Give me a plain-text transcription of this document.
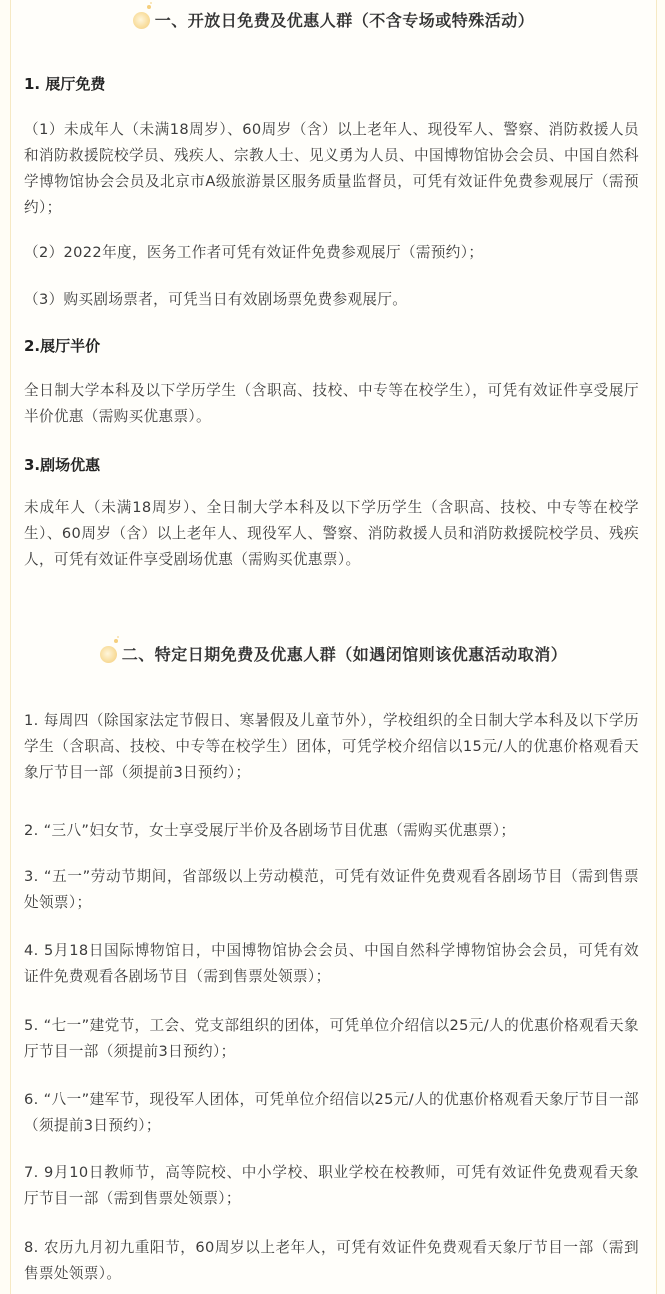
一、开放日免费及优惠人群（不含专场或特殊活动）
1. 展厅免费
（1）未成年人（未满18周岁）、60周岁（含）以上老年人、现役军人、警察、消防救援人员和消防救援院校学员、残疾人、宗教人士、见义勇为人员、中国博物馆协会会员、中国自然科学博物馆协会会员及北京市A级旅游景区服务质量监督员，可凭有效证件免费参观展厅（需预约）；
（2）2022年度，医务工作者可凭有效证件免费参观展厅（需预约）；
（3）购买剧场票者，可凭当日有效剧场票免费参观展厅。
2.展厅半价
全日制大学本科及以下学历学生（含职高、技校、中专等在校学生），可凭有效证件享受展厅半价优惠（需购买优惠票）。
3.剧场优惠
未成年人（未满18周岁）、全日制大学本科及以下学历学生（含职高、技校、中专等在校学生）、60周岁（含）以上老年人、现役军人、警察、消防救援人员和消防救援院校学员、残疾人，可凭有效证件享受剧场优惠（需购买优惠票）。
二、特定日期免费及优惠人群（如遇闭馆则该优惠活动取消）
1. 每周四（除国家法定节假日、寒暑假及儿童节外），学校组织的全日制大学本科及以下学历学生（含职高、技校、中专等在校学生）团体，可凭学校介绍信以15元/人的优惠价格观看天象厅节目一部（须提前3日预约）；
2. “三八”妇女节，女士享受展厅半价及各剧场节目优惠（需购买优惠票）；
3. “五一”劳动节期间，省部级以上劳动模范，可凭有效证件免费观看各剧场节目（需到售票处领票）；
4. 5月18日国际博物馆日，中国博物馆协会会员、中国自然科学博物馆协会会员，可凭有效证件免费观看各剧场节目（需到售票处领票）；
5. “七一”建党节，工会、党支部组织的团体，可凭单位介绍信以25元/人的优惠价格观看天象厅节目一部（须提前3日预约）；
6. “八一”建军节，现役军人团体，可凭单位介绍信以25元/人的优惠价格观看天象厅节目一部（须提前3日预约）；
7. 9月10日教师节，高等院校、中小学校、职业学校在校教师，可凭有效证件免费观看天象厅节目一部（需到售票处领票）；
8. 农历九月初九重阳节，60周岁以上老年人，可凭有效证件免费观看天象厅节目一部（需到售票处领票）。
